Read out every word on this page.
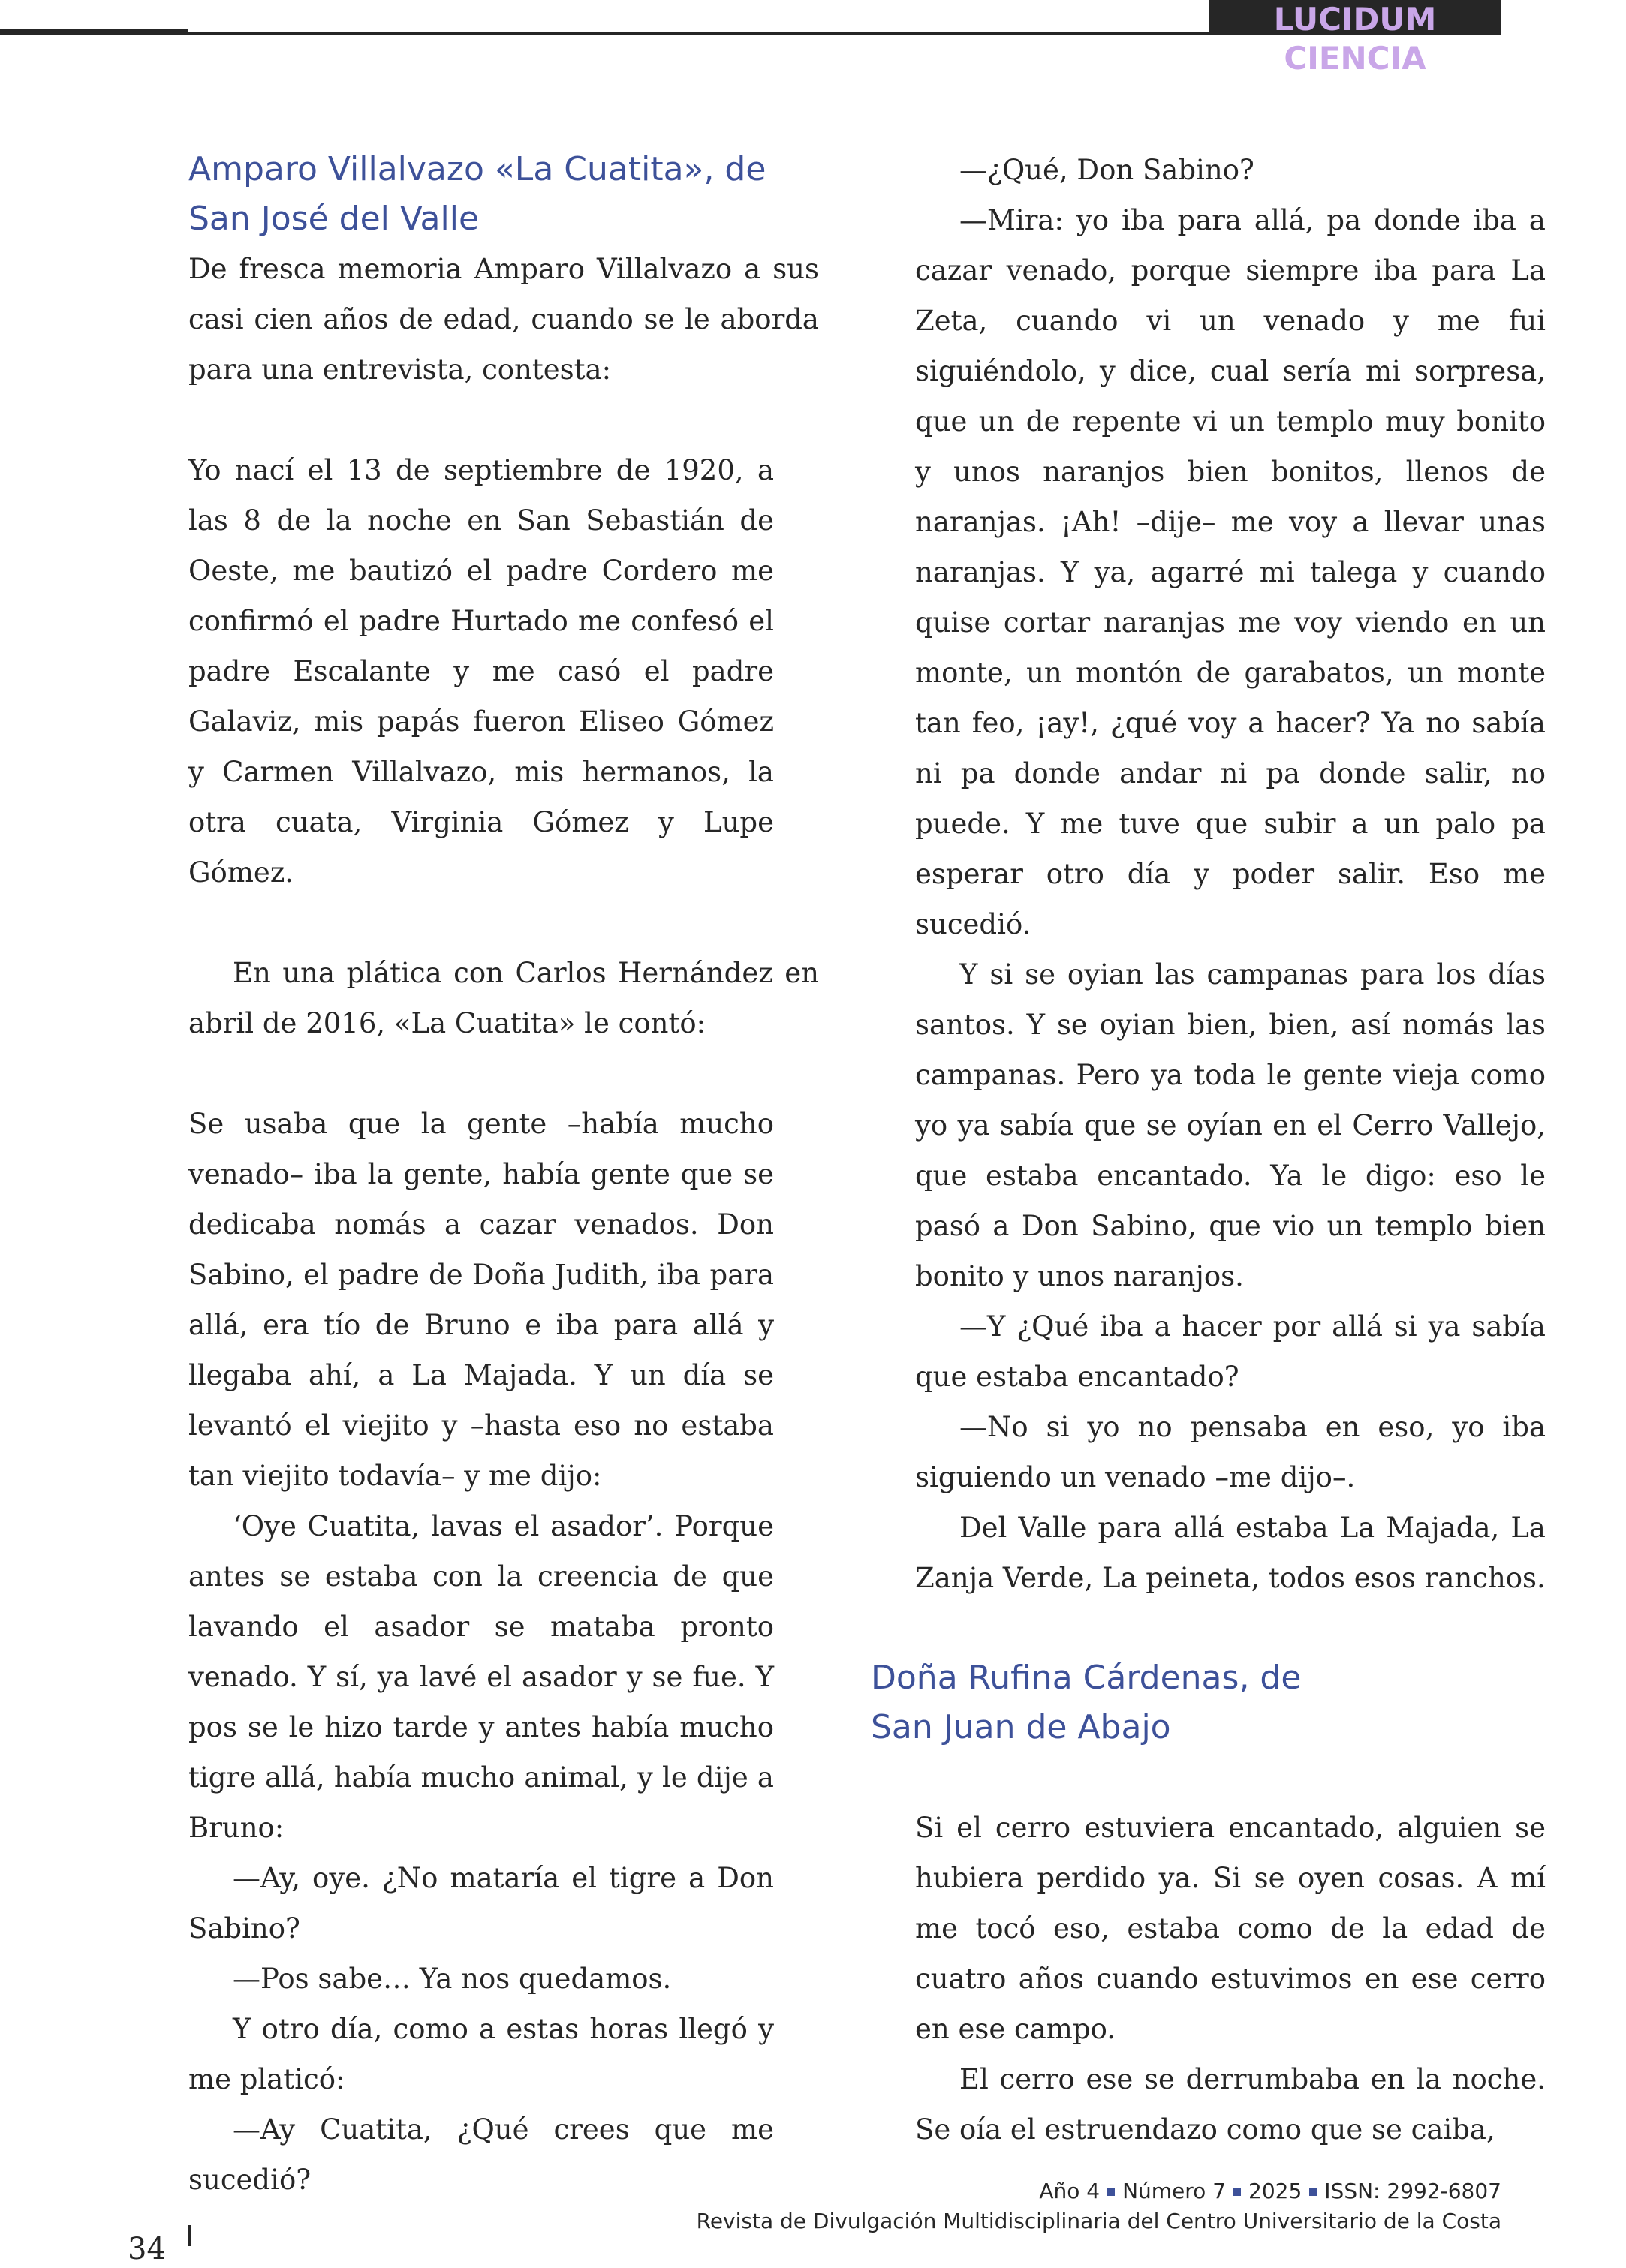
LUCIDUM CIENCIA
Amparo Villalvazo «La Cuatita», de
San José del Valle

De fresca memoria Amparo Villalvazo a sus casi cien años de edad, cuando se le aborda para una entrevista, contesta:

Yo nací el 13 de septiembre de 1920, a las 8 de la noche en San Sebastián de Oeste, me bautizó el padre Cordero me confirmó el padre Hurtado me confesó el padre Escalante y me casó el padre Galaviz, mis papás fueron Eliseo Gómez y Carmen Villalvazo, mis hermanos, la otra cuata, Virginia Gómez y Lupe Gómez.

En una plática con Carlos Hernández en abril de 2016, «La Cuatita» le contó:

Se usaba que la gente –había mucho venado– iba la gente, había gente que se dedicaba nomás a cazar venados. Don Sabino, el padre de Doña Judith, iba para allá, era tío de Bruno e iba para allá y llegaba ahí, a La Majada. Y un día se levantó el viejito y –hasta eso no estaba tan viejito todavía– y me dijo:

‘Oye Cuatita, lavas el asador’. Porque antes se estaba con la creencia de que lavando el asador se mataba pronto venado. Y sí, ya lavé el asador y se fue. Y pos se le hizo tarde y antes había mucho tigre allá, había mucho animal, y le dije a Bruno:

—Ay, oye. ¿No mataría el tigre a Don Sabino?

—Pos sabe… Ya nos quedamos.

Y otro día, como a estas horas llegó y me platicó:

—Ay Cuatita, ¿Qué crees que me sucedió?

—¿Qué, Don Sabino?

—Mira: yo iba para allá, pa donde iba a cazar venado, porque siempre iba para La Zeta, cuando vi un venado y me fui siguiéndolo, y dice, cual sería mi sorpresa, que un de repente vi un templo muy bonito y unos naranjos bien bonitos, llenos de naranjas. ¡Ah! –dije– me voy a llevar unas naranjas. Y ya, agarré mi talega y cuando quise cortar naranjas me voy viendo en un monte, un montón de garabatos, un monte tan feo, ¡ay!, ¿qué voy a hacer? Ya no sabía ni pa donde andar ni pa donde salir, no puede. Y me tuve que subir a un palo pa esperar otro día y poder salir. Eso me sucedió.

Y si se oyian las campanas para los días santos. Y se oyian bien, bien, así nomás las campanas. Pero ya toda le gente vieja como yo ya sabía que se oyían en el Cerro Vallejo, que estaba encantado. Ya le digo: eso le pasó a Don Sabino, que vio un templo bien bonito y unos naranjos.

—Y ¿Qué iba a hacer por allá si ya sabía que estaba encantado?

—No si yo no pensaba en eso, yo iba siguiendo un venado –me dijo–.

Del Valle para allá estaba La Majada, La Zanja Verde, La peineta, todos esos ranchos.

Doña Rufina Cárdenas, de
San Juan de Abajo

Si el cerro estuviera encantado, alguien se hubiera perdido ya. Si se oyen cosas. A mí me tocó eso, estaba como de la edad de cuatro años cuando estuvimos en ese cerro en ese campo.

El cerro ese se derrumbaba en la noche. Se oía el estruendazo como que se caiba,

34
Año 4 Número 7 2025 ISSN: 2992-6807
Revista de Divulgación Multidisciplinaria del Centro Universitario de la Costa
